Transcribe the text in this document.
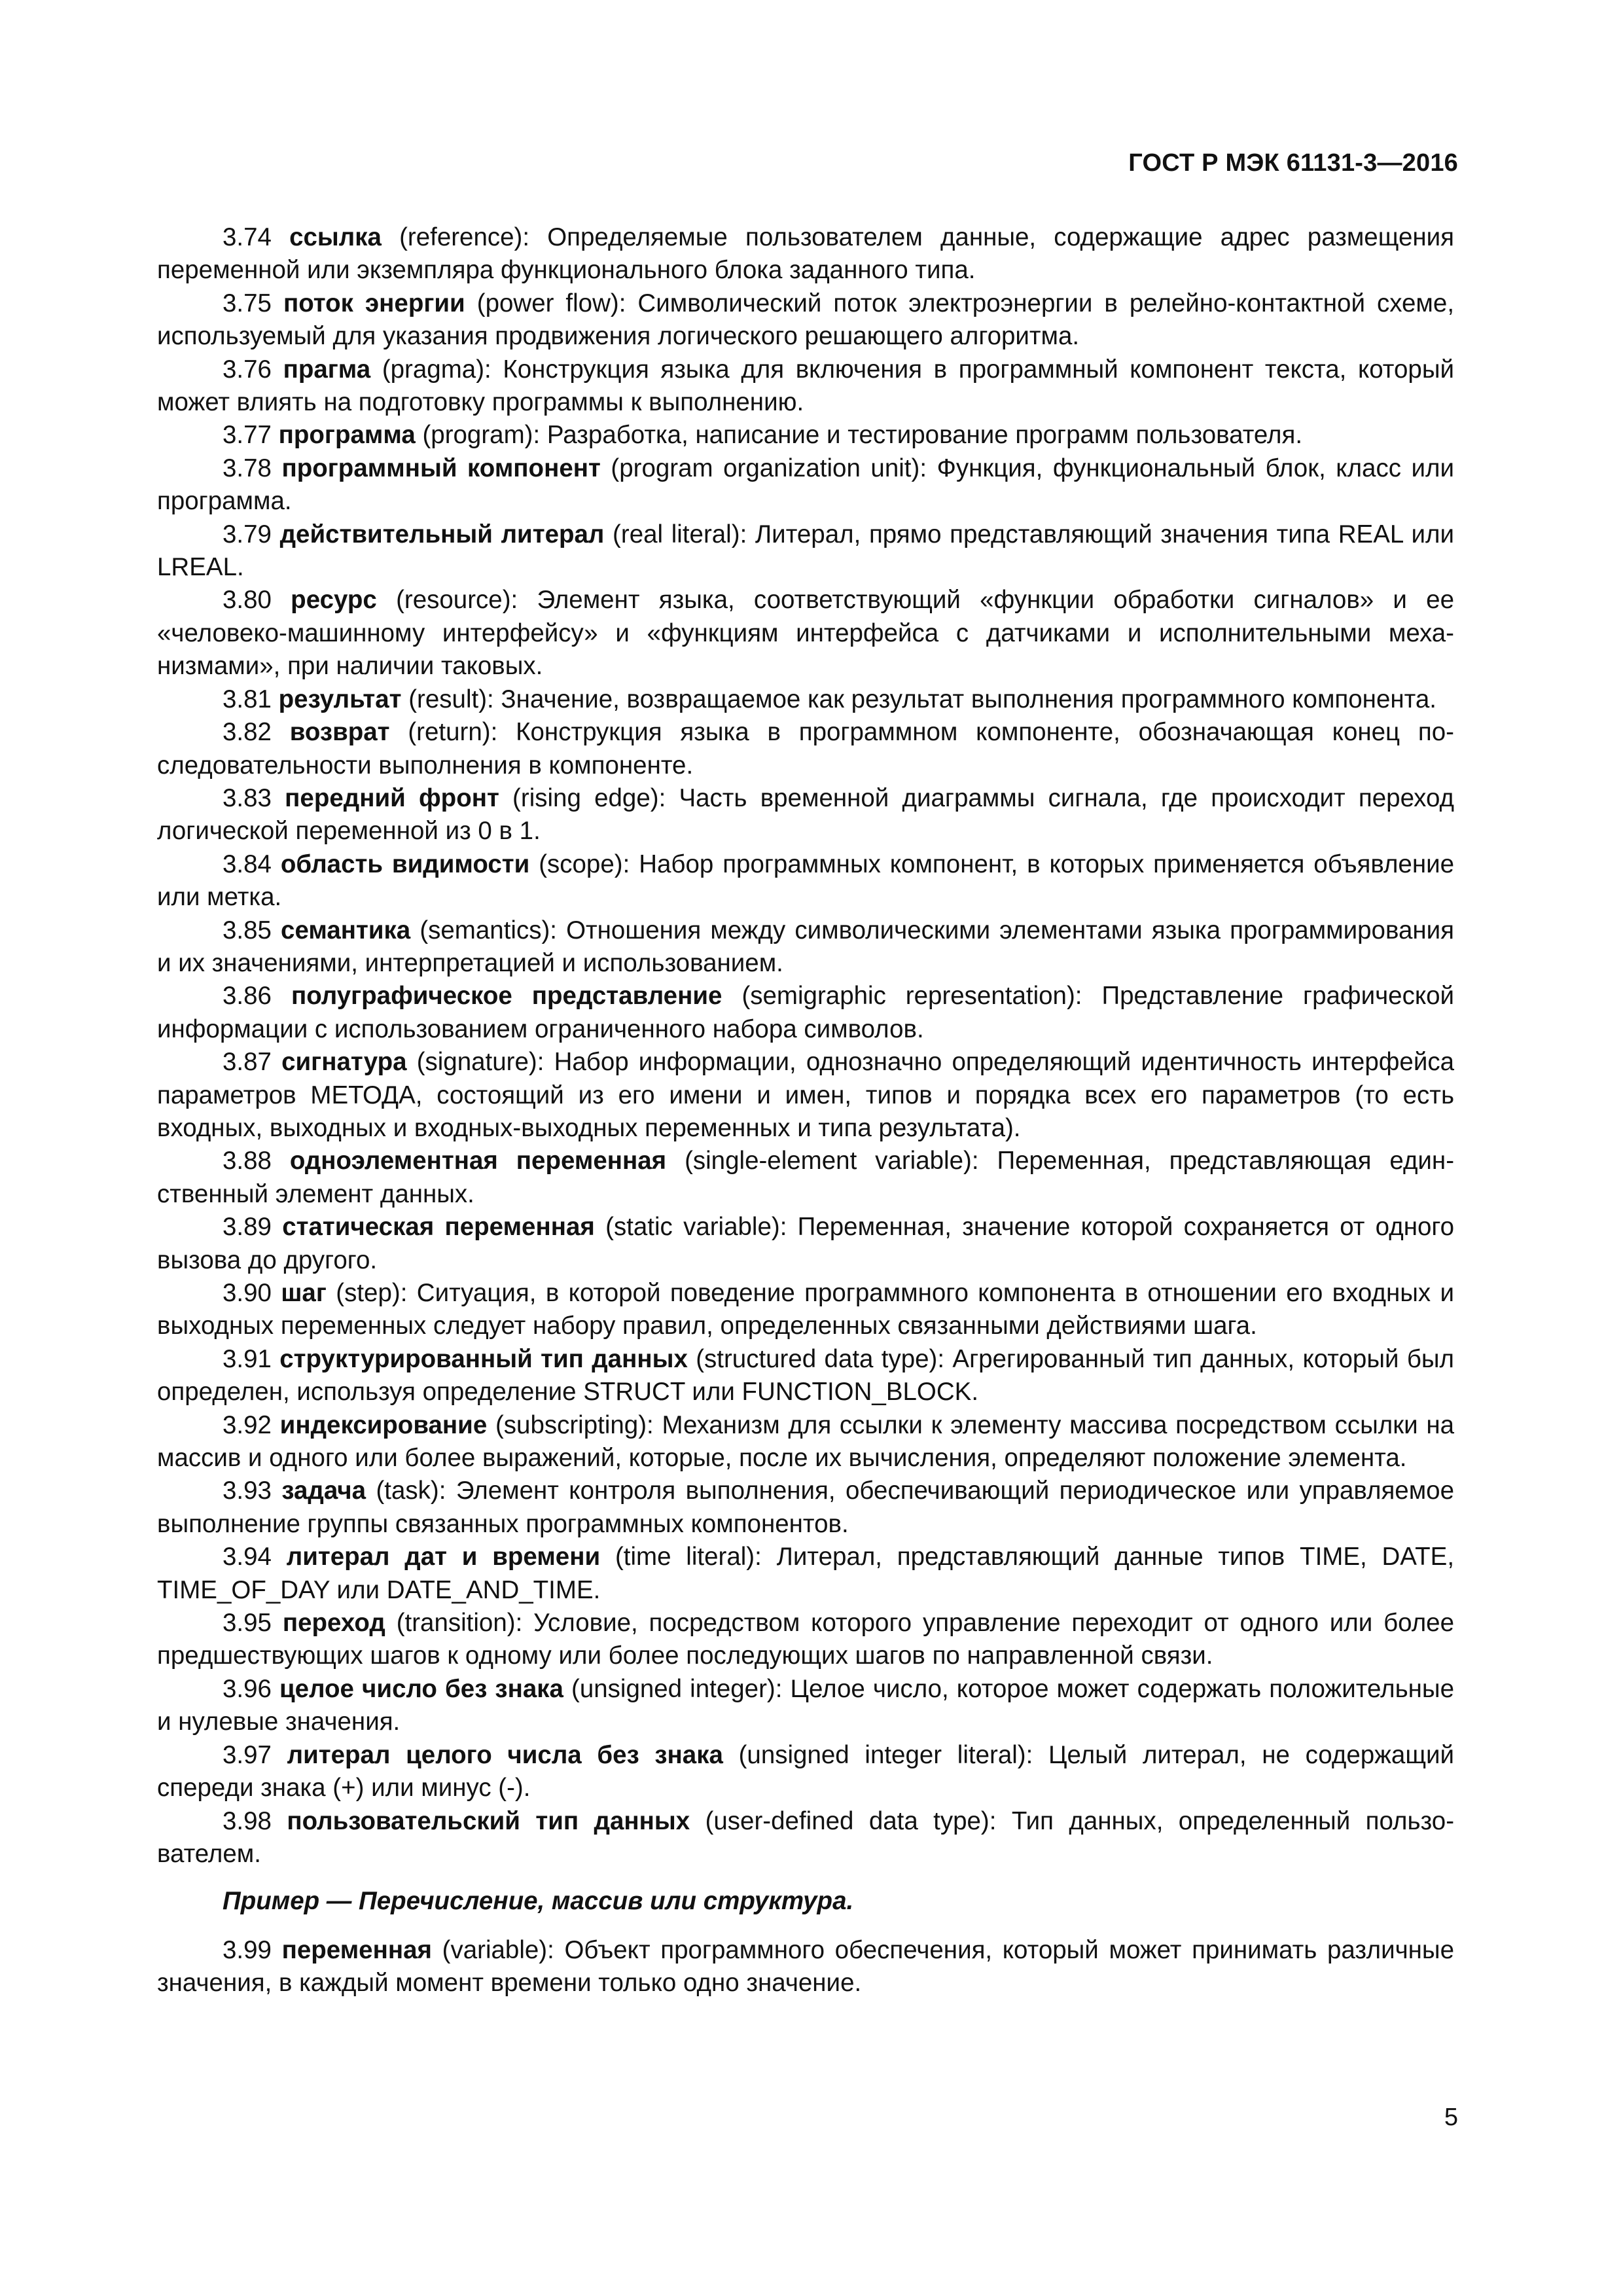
ГОСТ Р МЭК 61131-3—2016

3.74 ссылка (reference): Определяемые пользователем данные, содержащие адрес размещения переменной или экземпляра функционального блока заданного типа.

3.75 поток энергии (power flow): Символический поток электроэнергии в релейно-контактной схеме, используемый для указания продвижения логического решающего алгоритма.

3.76 прагма (pragma): Конструкция языка для включения в программный компонент текста, который может влиять на подготовку программы к выполнению.

3.77 программа (program): Разработка, написание и тестирование программ пользователя.

3.78 программный компонент (program organization unit): Функция, функциональный блок, класс или программа.

3.79 действительный литерал (real literal): Литерал, прямо представляющий значения типа REAL или LREAL.

3.80 ресурс (resource): Элемент языка, соответствующий «функции обработки сигналов» и ее «человеко-машинному интерфейсу» и «функциям интерфейса с датчиками и исполнительными механизмами», при наличии таковых.

3.81 результат (result): Значение, возвращаемое как результат выполнения программного компонента.

3.82 возврат (return): Конструкция языка в программном компоненте, обозначающая конец последовательности выполнения в компоненте.

3.83 передний фронт (rising edge): Часть временной диаграммы сигнала, где происходит переход логической переменной из 0 в 1.

3.84 область видимости (scope): Набор программных компонент, в которых применяется объявление или метка.

3.85 семантика (semantics): Отношения между символическими элементами языка программирования и их значениями, интерпретацией и использованием.

3.86 полуграфическое представление (semigraphic representation): Представление графической информации с использованием ограниченного набора символов.

3.87 сигнатура (signature): Набор информации, однозначно определяющий идентичность интерфейса параметров МЕТОДА, состоящий из его имени и имен, типов и порядка всех его параметров (то есть входных, выходных и входных-выходных переменных и типа результата).

3.88 одноэлементная переменная (single-element variable): Переменная, представляющая единственный элемент данных.

3.89 статическая переменная (static variable): Переменная, значение которой сохраняется от одного вызова до другого.

3.90 шаг (step): Ситуация, в которой поведение программного компонента в отношении его входных и выходных переменных следует набору правил, определенных связанными действиями шага.

3.91 структурированный тип данных (structured data type): Агрегированный тип данных, который был определен, используя определение STRUCT или FUNCTION_BLOCK.

3.92 индексирование (subscripting): Механизм для ссылки к элементу массива посредством ссылки на массив и одного или более выражений, которые, после их вычисления, определяют положение элемента.

3.93 задача (task): Элемент контроля выполнения, обеспечивающий периодическое или управляемое выполнение группы связанных программных компонентов.

3.94 литерал дат и времени (time literal): Литерал, представляющий данные типов TIME, DATE, TIME_OF_DAY или DATE_AND_TIME.

3.95 переход (transition): Условие, посредством которого управление переходит от одного или более предшествующих шагов к одному или более последующих шагов по направленной связи.

3.96 целое число без знака (unsigned integer): Целое число, которое может содержать положительные и нулевые значения.

3.97 литерал целого числа без знака (unsigned integer literal): Целый литерал, не содержащий спереди знака (+) или минус (-).

3.98 пользовательский тип данных (user-defined data type): Тип данных, определенный пользователем.

Пример — Перечисление, массив или структура.

3.99 переменная (variable): Объект программного обеспечения, который может принимать различные значения, в каждый момент времени только одно значение.

5
